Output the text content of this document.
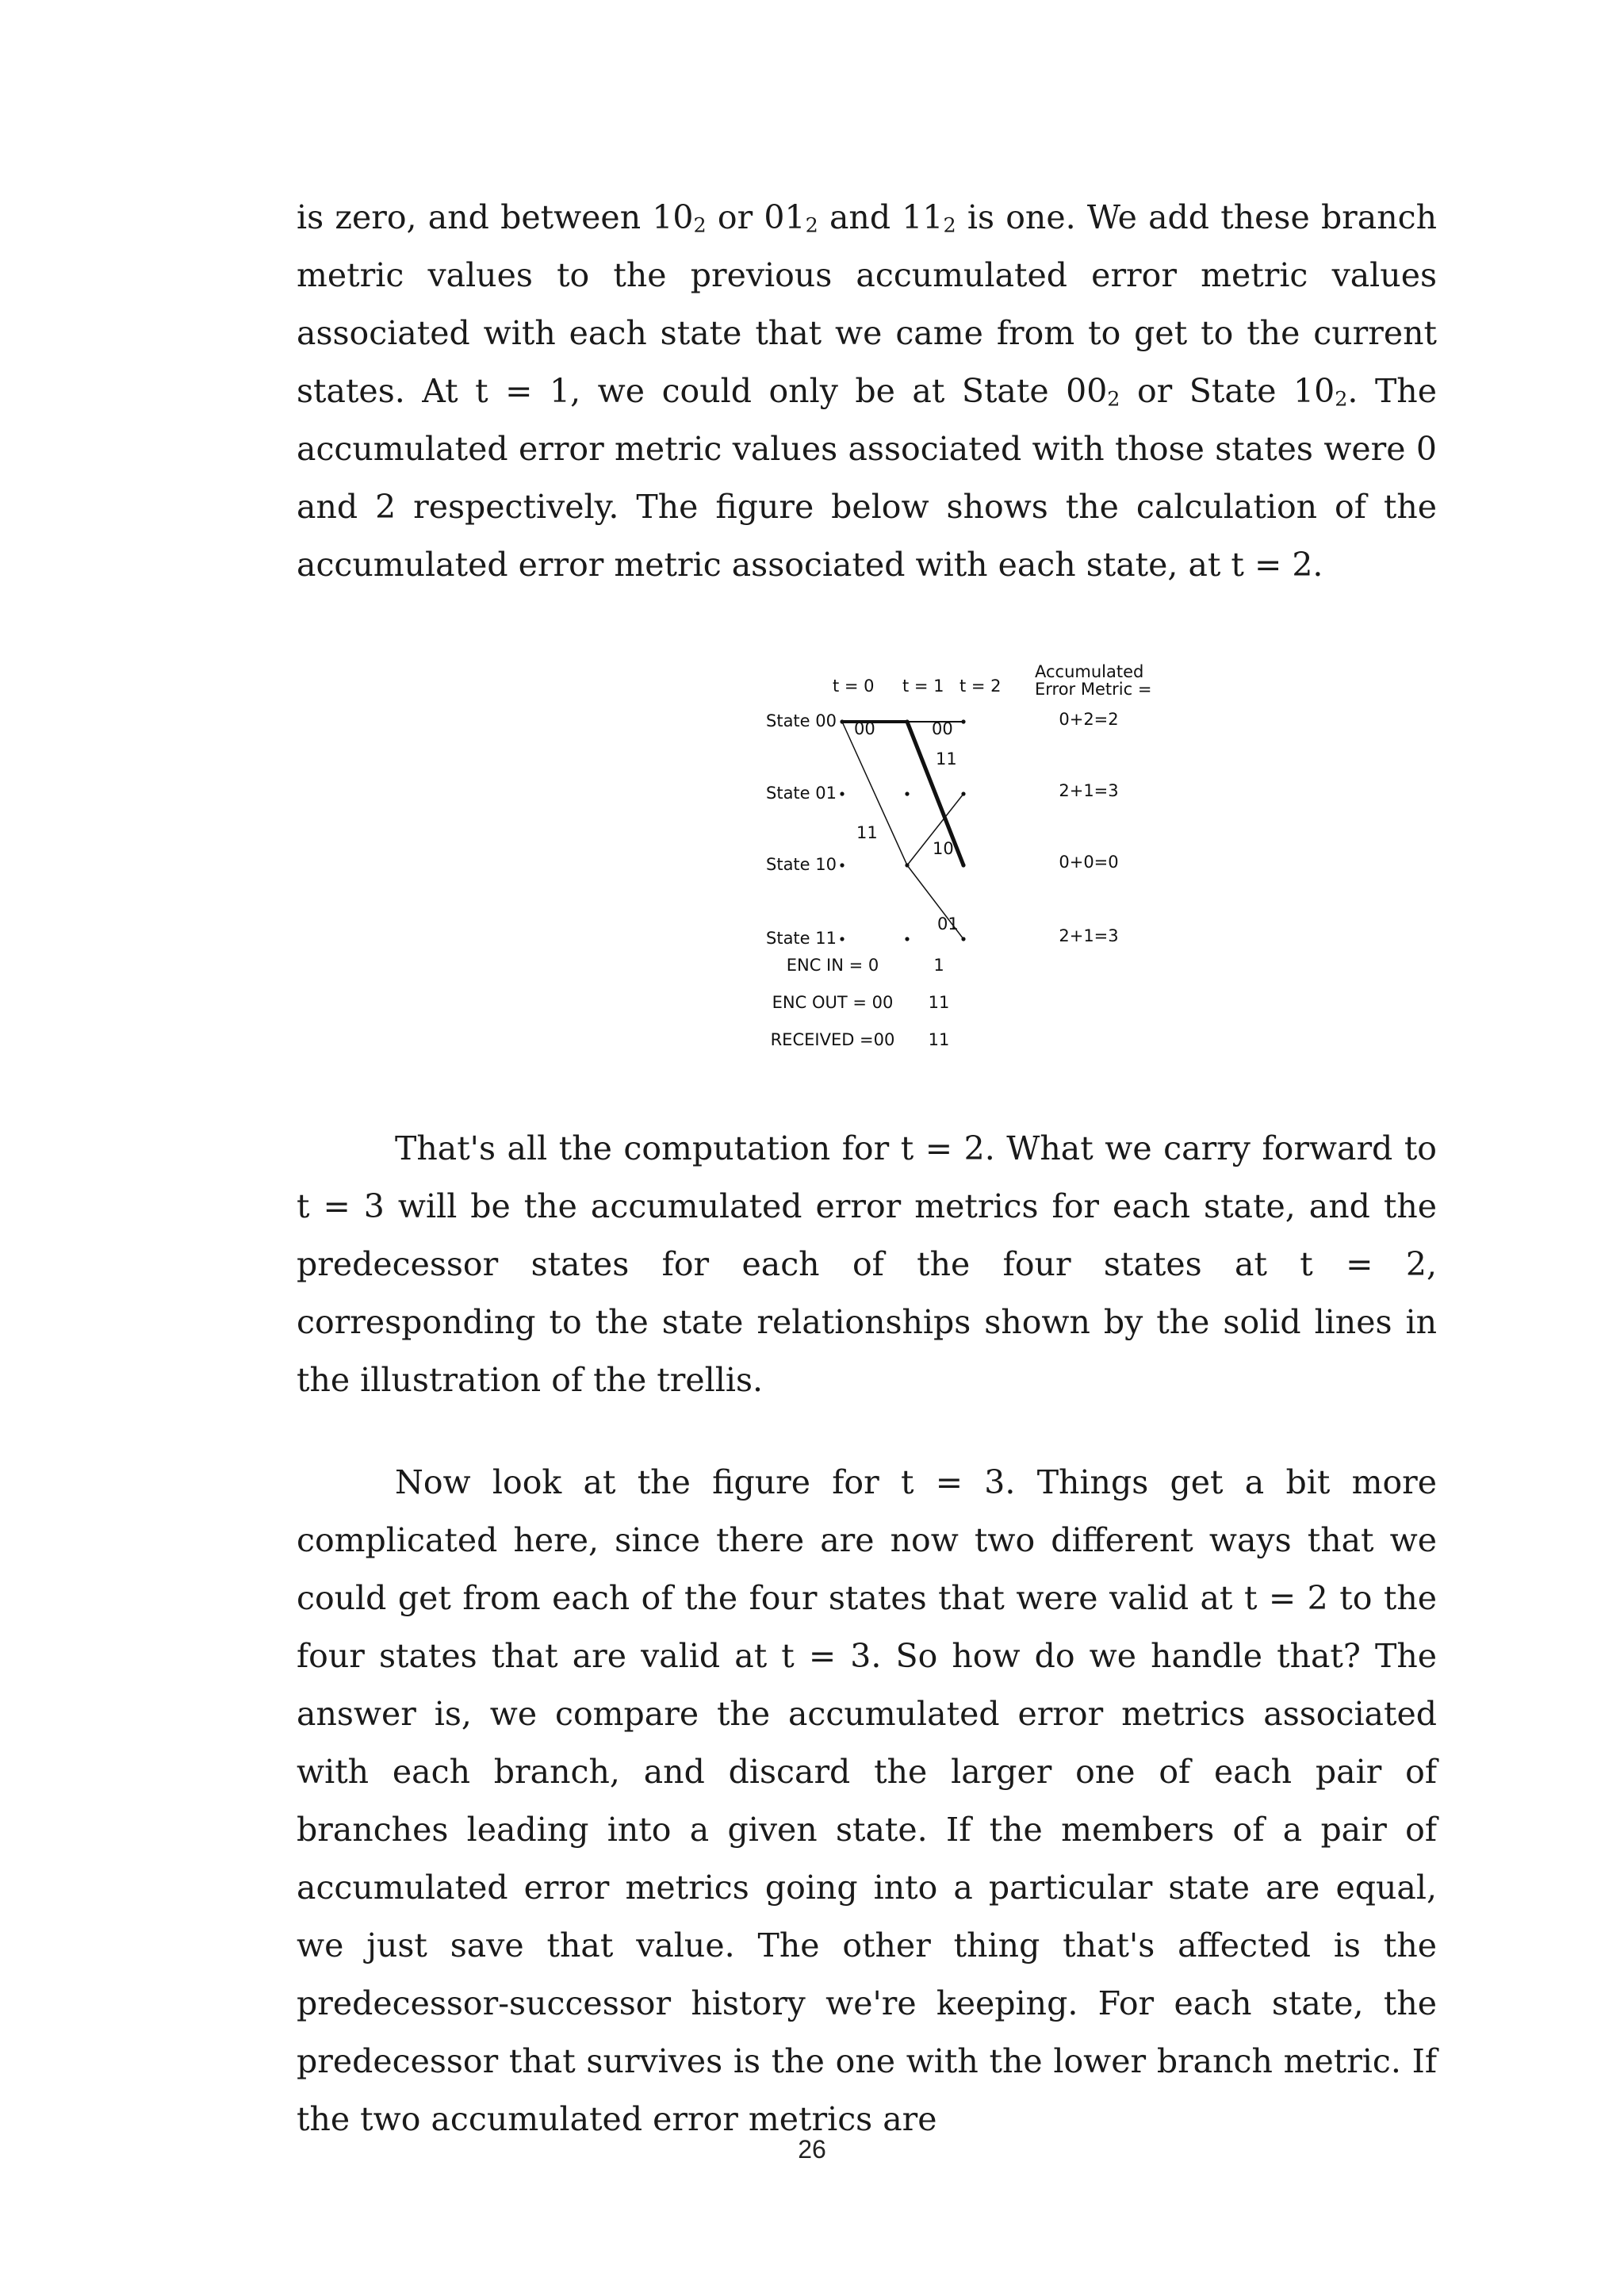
is zero, and between $10_2$ or $01_2$ and $11_2$ is one. We add these branch metric values to the previous accumulated error metric values associated with each state that we came from to get to the current states. At t = 1, we could only be at State $00_2$ or State $10_2$. The accumulated error metric values associated with those states were 0 and 2 respectively. The figure below shows the calculation of the accumulated error metric associated with each state, at t = 2.

t = 0 t = 1 t = 2
Accumulated
Error Metric =
State 00
State 01
State 10
State 11
0+2=2
2+1=3
0+0=0
2+1=3
00	00
11
11
10
01
ENC IN = 0	1
ENC OUT = 00 11
RECEIVED =00 11

That's all the computation for t = 2. What we carry forward to t = 3 will be the accumulated error metrics for each state, and the predecessor states for each of the four states at t = 2, corresponding to the state relationships shown by the solid lines in the illustration of the trellis.

Now look at the figure for t = 3. Things get a bit more complicated here, since there are now two different ways that we could get from each of the four states that were valid at t = 2 to the four states that are valid at t = 3. So how do we handle that? The answer is, we compare the accumulated error metrics associated with each branch, and discard the larger one of each pair of branches leading into a given state. If the members of a pair of accumulated error metrics going into a particular state are equal, we just save that value. The other thing that's affected is the predecessor-successor history we're keeping. For each state, the predecessor that survives is the one with the lower branch metric. If the two accumulated error metrics are

26
